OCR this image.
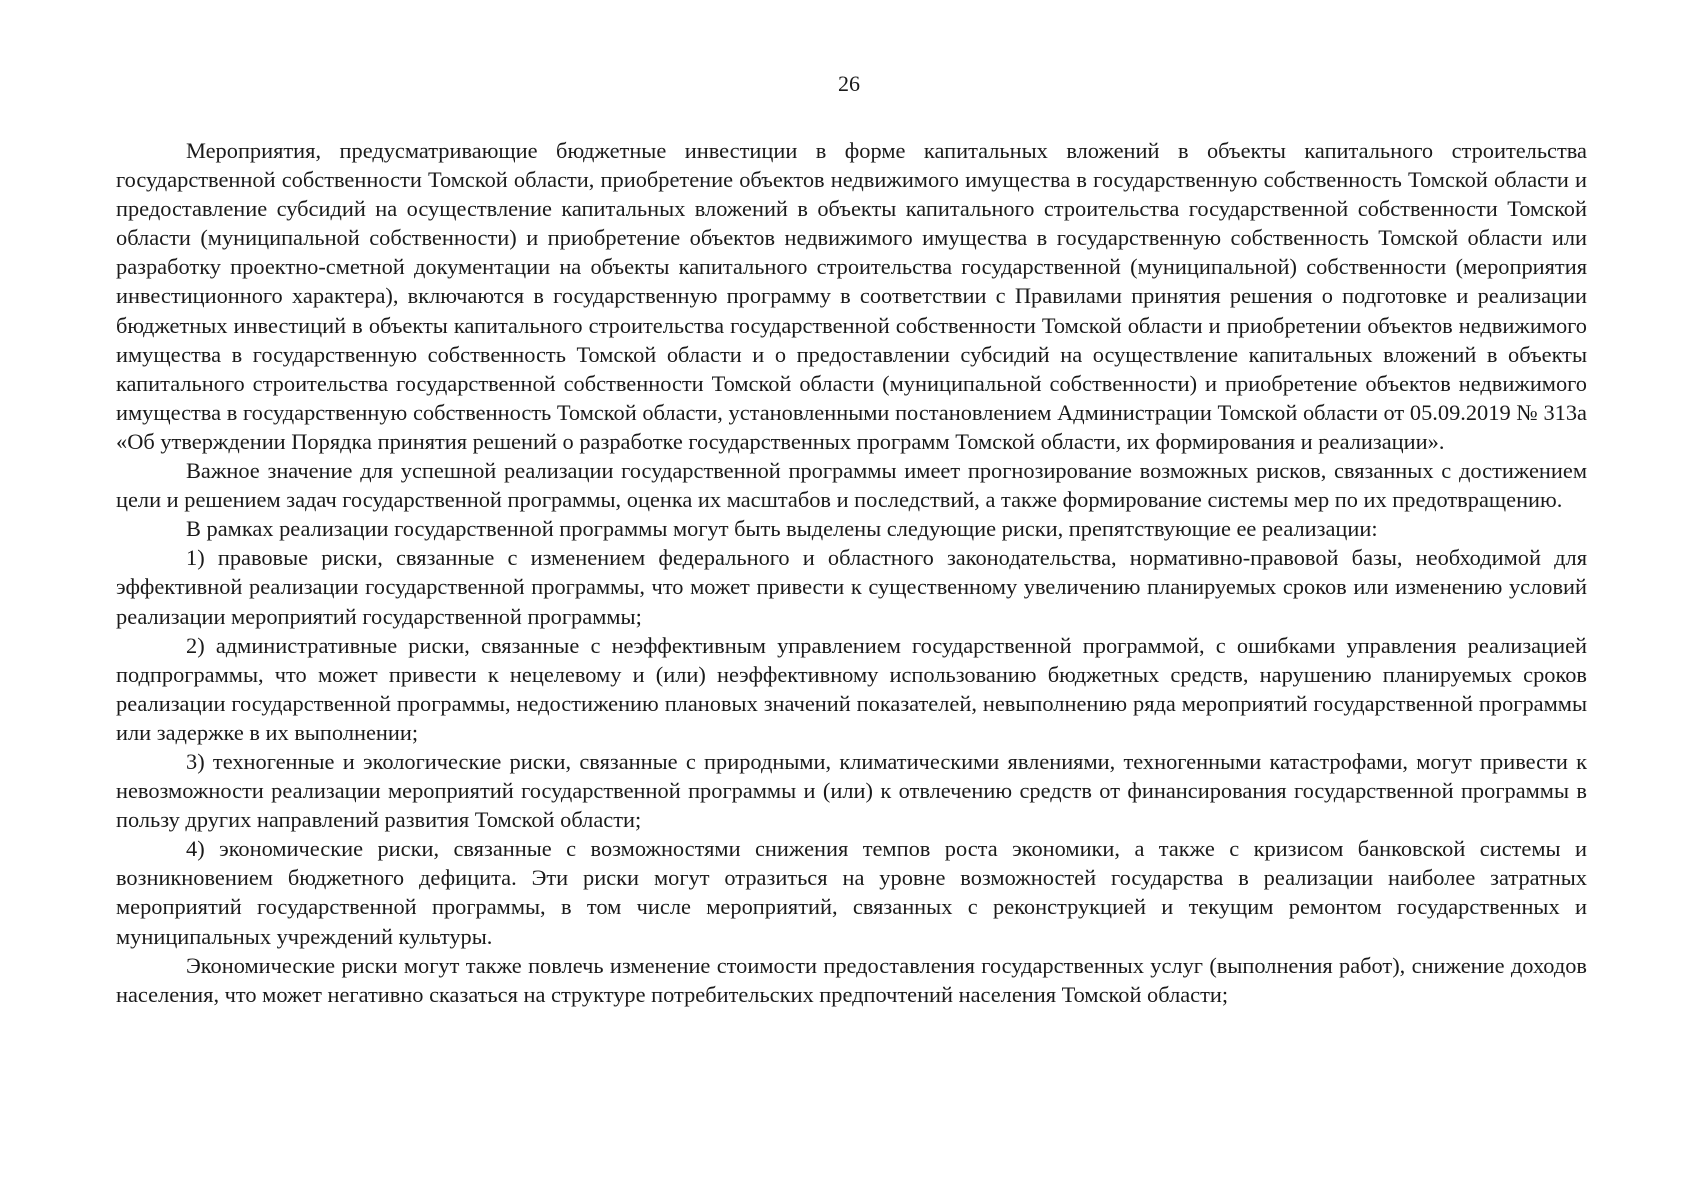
26

Мероприятия, предусматривающие бюджетные инвестиции в форме капитальных вложений в объекты капитального строительства государственной собственности Томской области, приобретение объектов недвижимого имущества в государственную собственность Томской области и предоставление субсидий на осуществление капитальных вложений в объекты капитального строительства государственной собственности Томской области (муниципальной собственности) и приобретение объектов недвижимого имущества в государственную собственность Томской области или разработку проектно-сметной документации на объекты капитального строительства государственной (муниципальной) собственности (мероприятия инвестиционного характера), включаются в государственную программу в соответствии с Правилами принятия решения о подготовке и реализации бюджетных инвестиций в объекты капитального строительства государственной собственности Томской области и приобретении объектов недвижимого имущества в государственную собственность Томской области и о предоставлении субсидий на осуществление капитальных вложений в объекты капитального строительства государственной собственности Томской области (муниципальной собственности) и приобретение объектов недвижимого имущества в государственную собственность Томской области, установленными постановлением Администрации Томской области от 05.09.2019 № 313а «Об утверждении Порядка принятия решений о разработке государственных программ Томской области, их формирования и реализации».

Важное значение для успешной реализации государственной программы имеет прогнозирование возможных рисков, связанных с достижением цели и решением задач государственной программы, оценка их масштабов и последствий, а также формирование системы мер по их предотвращению.

В рамках реализации государственной программы могут быть выделены следующие риски, препятствующие ее реализации:

1) правовые риски, связанные с изменением федерального и областного законодательства, нормативно-правовой базы, необходимой для эффективной реализации государственной программы, что может привести к существенному увеличению планируемых сроков или изменению условий реализации мероприятий государственной программы;

2) административные риски, связанные с неэффективным управлением государственной программой, с ошибками управления реализацией подпрограммы, что может привести к нецелевому и (или) неэффективному использованию бюджетных средств, нарушению планируемых сроков реализации государственной программы, недостижению плановых значений показателей, невыполнению ряда мероприятий государственной программы или задержке в их выполнении;

3) техногенные и экологические риски, связанные с природными, климатическими явлениями, техногенными катастрофами, могут привести к невозможности реализации мероприятий государственной программы и (или) к отвлечению средств от финансирования государственной программы в пользу других направлений развития Томской области;

4) экономические риски, связанные с возможностями снижения темпов роста экономики, а также с кризисом банковской системы и возникновением бюджетного дефицита. Эти риски могут отразиться на уровне возможностей государства в реализации наиболее затратных мероприятий государственной программы, в том числе мероприятий, связанных с реконструкцией и текущим ремонтом государственных и муниципальных учреждений культуры.

Экономические риски могут также повлечь изменение стоимости предоставления государственных услуг (выполнения работ), снижение доходов населения, что может негативно сказаться на структуре потребительских предпочтений населения Томской области;
